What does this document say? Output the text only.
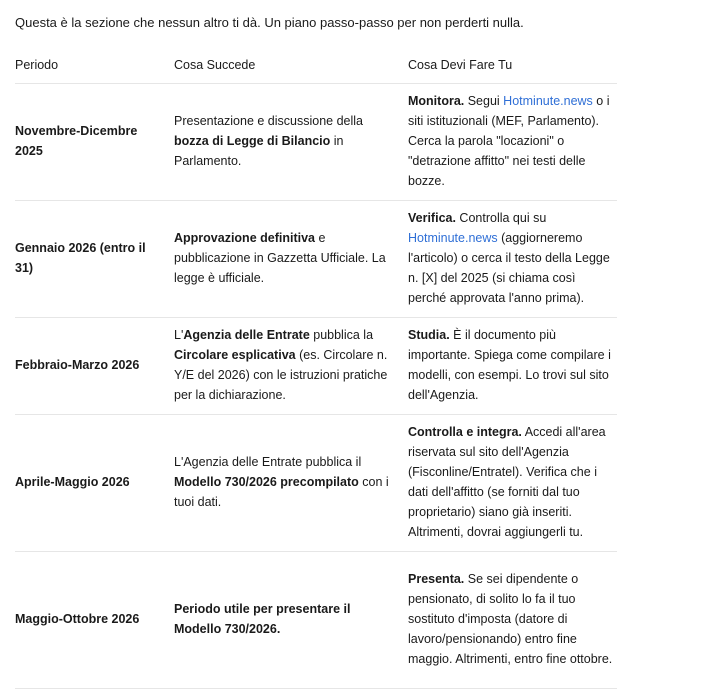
Questa è la sezione che nessun altro ti dà. Un piano passo-passo per non perderti nulla.
Periodo	Cosa Succede	Cosa Devi Fare Tu
Novembre-Dicembre 2025	Presentazione e discussione della bozza di Legge di Bilancio in Parlamento.	Monitora. Segui Hotminute.news o i siti istituzionali (MEF, Parlamento). Cerca la parola "locazioni" o "detrazione affitto" nei testi delle bozze.
Gennaio 2026 (entro il 31)	Approvazione definitiva e pubblicazione in Gazzetta Ufficiale. La legge è ufficiale.	Verifica. Controlla qui su Hotminute.news (aggiorneremo l'articolo) o cerca il testo della Legge n. [X] del 2025 (si chiama così perché approvata l'anno prima).
Febbraio-Marzo 2026	L'Agenzia delle Entrate pubblica la Circolare esplicativa (es. Circolare n. Y/E del 2026) con le istruzioni pratiche per la dichiarazione.	Studia. È il documento più importante. Spiega come compilare i modelli, con esempi. Lo trovi sul sito dell'Agenzia.
Aprile-Maggio 2026	L'Agenzia delle Entrate pubblica il Modello 730/2026 precompilato con i tuoi dati.	Controlla e integra. Accedi all'area riservata sul sito dell'Agenzia (Fisconline/Entratel). Verifica che i dati dell'affitto (se forniti dal tuo proprietario) siano già inseriti. Altrimenti, dovrai aggiungerli tu.
Maggio-Ottobre 2026	Periodo utile per presentare il Modello 730/2026.	Presenta. Se sei dipendente o pensionato, di solito lo fa il tuo sostituto d'imposta (datore di lavoro/pensionando) entro fine maggio. Altrimenti, entro fine ottobre.
